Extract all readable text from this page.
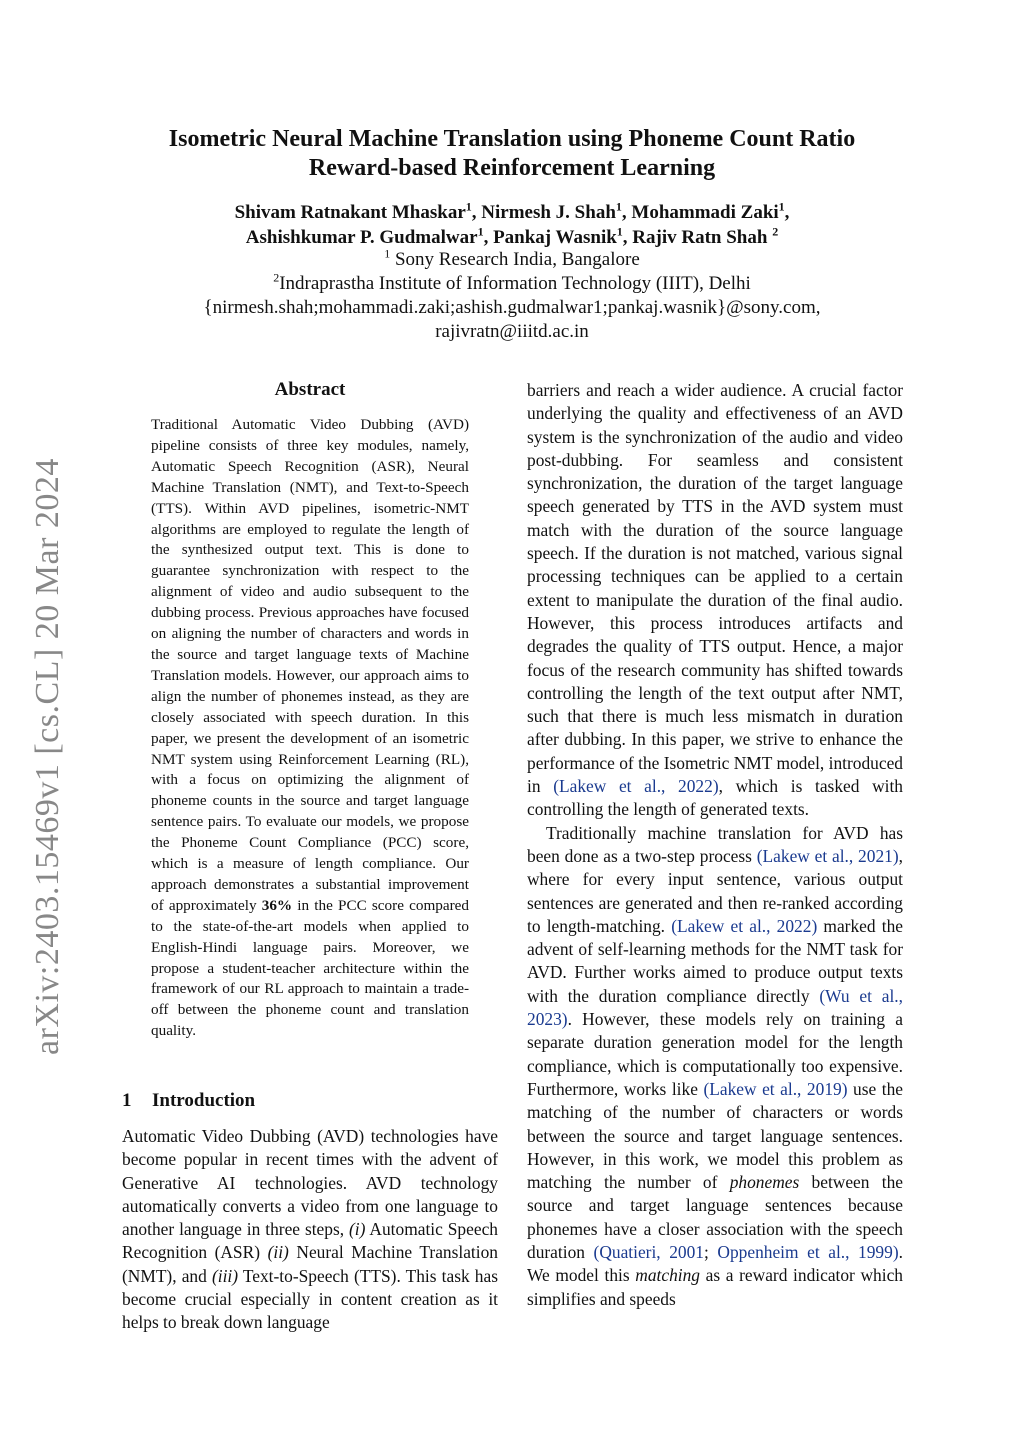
arXiv:2403.15469v1 [cs.CL] 20 Mar 2024
Isometric Neural Machine Translation using Phoneme Count Ratio
Reward-based Reinforcement Learning
Shivam Ratnakant Mhaskar$^1$, Nirmesh J. Shah$^1$, Mohammadi Zaki$^1$,
Ashishkumar P. Gudmalwar$^1$, Pankaj Wasnik$^1$, Rajiv Ratn Shah $^2$
$^1$ Sony Research India, Bangalore
$^2$Indraprastha Institute of Information Technology (IIIT), Delhi
{nirmesh.shah;mohammadi.zaki;ashish.gudmalwar1;pankaj.wasnik}@sony.com,
rajivratn@iiitd.ac.in
Abstract
Traditional Automatic Video Dubbing (AVD) pipeline consists of three key modules, namely, Automatic Speech Recognition (ASR), Neural Machine Translation (NMT), and Text-to-Speech (TTS). Within AVD pipelines, isometric-NMT algorithms are employed to regulate the length of the synthesized output text. This is done to guarantee synchronization with respect to the alignment of video and audio subsequent to the dubbing process. Previous approaches have focused on aligning the number of characters and words in the source and target language texts of Machine Translation models. However, our approach aims to align the number of phonemes instead, as they are closely associated with speech duration. In this paper, we present the development of an isometric NMT system using Reinforcement Learning (RL), with a focus on optimizing the alignment of phoneme counts in the source and target language sentence pairs. To evaluate our models, we propose the Phoneme Count Compliance (PCC) score, which is a measure of length compliance. Our approach demonstrates a substantial improvement of approximately 36% in the PCC score compared to the state-of-the-art models when applied to English-Hindi language pairs. Moreover, we propose a student-teacher architecture within the framework of our RL approach to maintain a trade-off between the phoneme count and translation quality.
1 Introduction
Automatic Video Dubbing (AVD) technologies have become popular in recent times with the advent of Generative AI technologies. AVD technology automatically converts a video from one language to another language in three steps, (i) Automatic Speech Recognition (ASR) (ii) Neural Machine Translation (NMT), and (iii) Text-to-Speech (TTS). This task has become crucial especially in content creation as it helps to break down language

barriers and reach a wider audience. A crucial factor underlying the quality and effectiveness of an AVD system is the synchronization of the audio and video post-dubbing. For seamless and consistent synchronization, the duration of the target language speech generated by TTS in the AVD system must match with the duration of the source language speech. If the duration is not matched, various signal processing techniques can be applied to a certain extent to manipulate the duration of the final audio. However, this process introduces artifacts and degrades the quality of TTS output. Hence, a major focus of the research community has shifted towards controlling the length of the text output after NMT, such that there is much less mismatch in duration after dubbing. In this paper, we strive to enhance the performance of the Isometric NMT model, introduced in (Lakew et al., 2022), which is tasked with controlling the length of generated texts.

Traditionally machine translation for AVD has been done as a two-step process (Lakew et al., 2021), where for every input sentence, various output sentences are generated and then re-ranked according to length-matching. (Lakew et al., 2022) marked the advent of self-learning methods for the NMT task for AVD. Further works aimed to produce output texts with the duration compliance directly (Wu et al., 2023). However, these models rely on training a separate duration generation model for the length compliance, which is computationally too expensive. Furthermore, works like (Lakew et al., 2019) use the matching of the number of characters or words between the source and target language sentences. However, in this work, we model this problem as matching the number of phonemes between the source and target language sentences because phonemes have a closer association with the speech duration (Quatieri, 2001; Oppenheim et al., 1999). We model this matching as a reward indicator which simplifies and speeds
